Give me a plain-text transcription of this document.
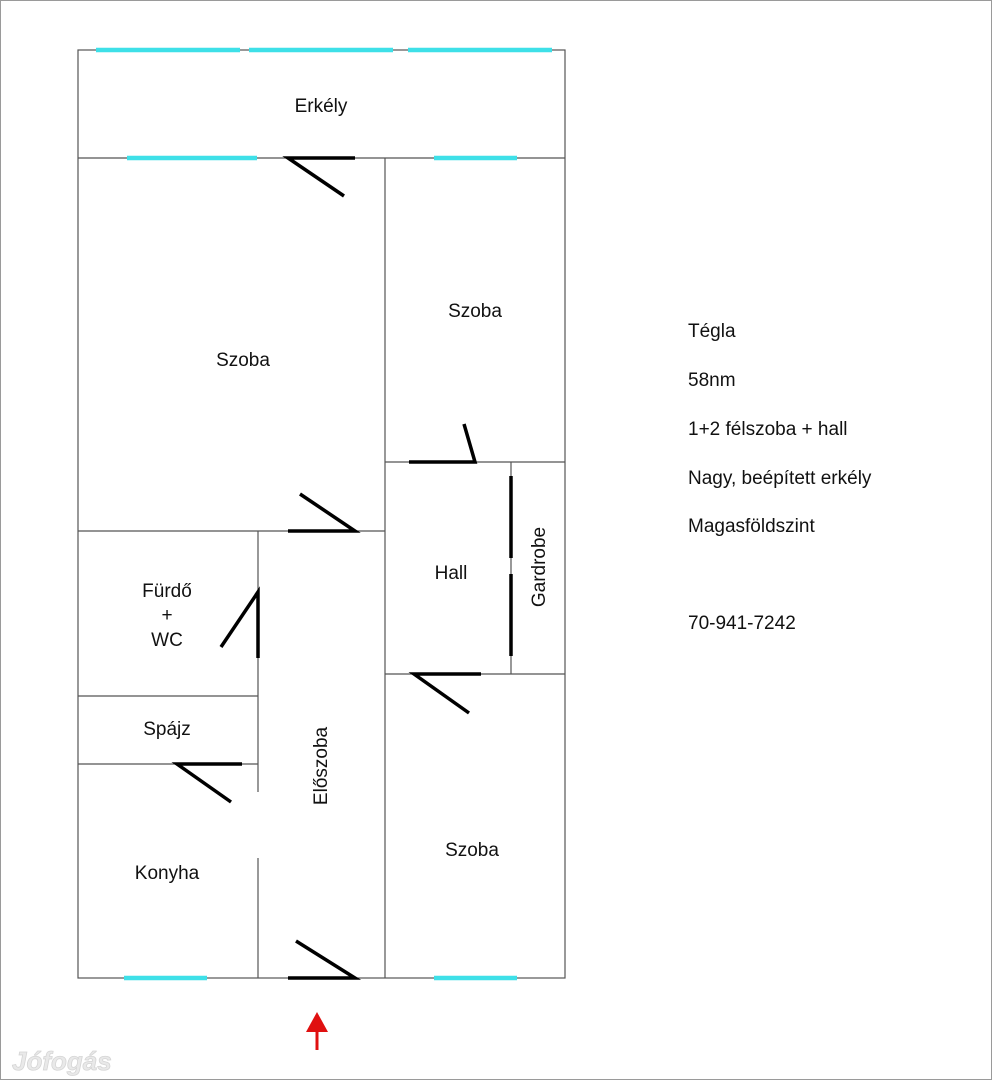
Erkély
Szoba
Szoba
Fürdő
+
WC
Hall	Gardrobe
Spájz	Előszoba
Konyha
Szoba
Jófogás
Tégla
58nm
1+2 félszoba + hall
Nagy, beépített erkély
Magasföldszint
70-941-7242
